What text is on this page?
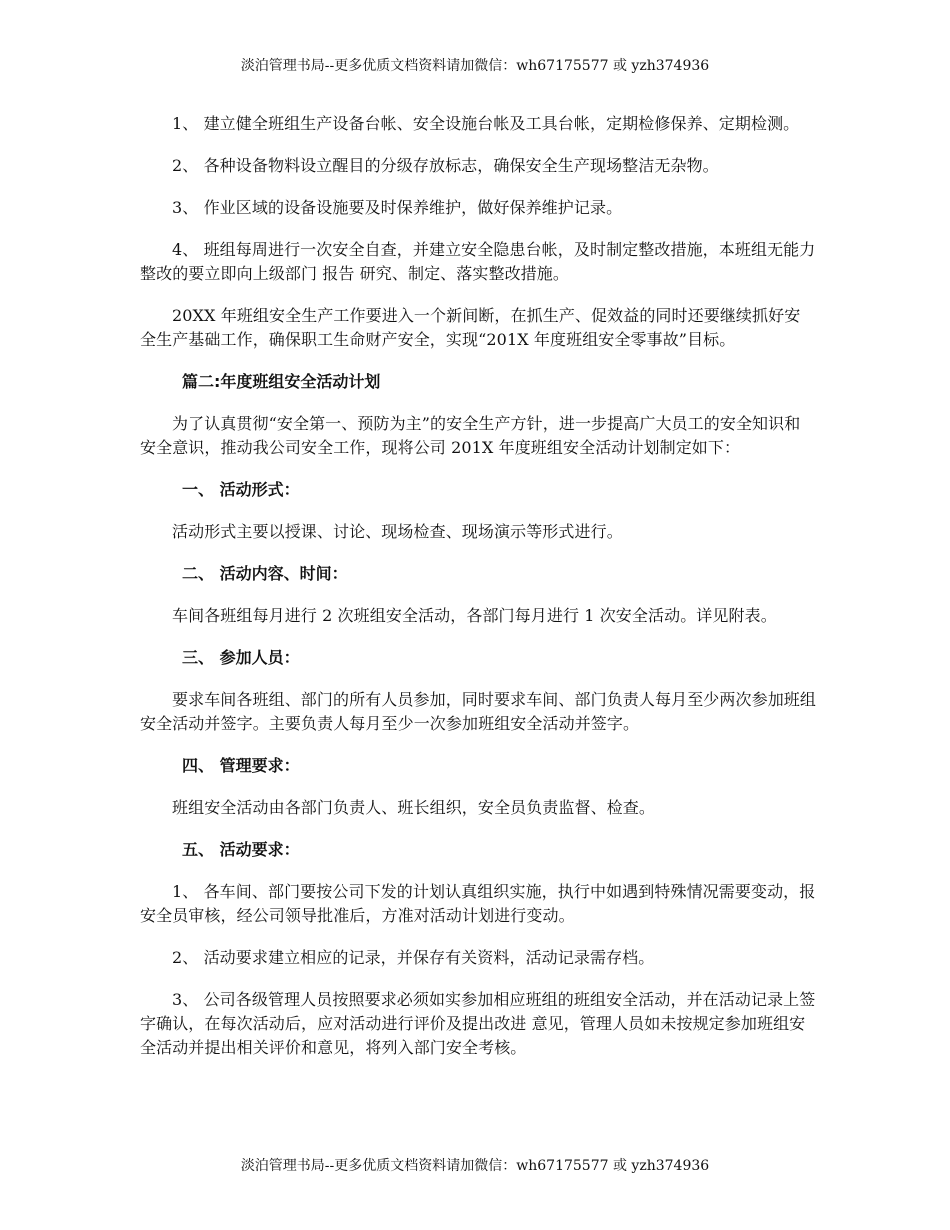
淡泊管理书局--更多优质文档资料请加微信：wh67175577 或 yzh374936

1、 建立健全班组生产设备台帐、安全设施台帐及工具台帐，定期检修保养、定期检测。

2、 各种设备物料设立醒目的分级存放标志，确保安全生产现场整洁无杂物。

3、 作业区域的设备设施要及时保养维护，做好保养维护记录。

4、 班组每周进行一次安全自查，并建立安全隐患台帐，及时制定整改措施，本班组无能力整改的要立即向上级部门 报告 研究、制定、落实整改措施。

20XX 年班组安全生产工作要进入一个新间断，在抓生产、促效益的同时还要继续抓好安全生产基础工作，确保职工生命财产安全，实现“201X 年度班组安全零事故”目标。

篇二:年度班组安全活动计划

为了认真贯彻“安全第一、预防为主”的安全生产方针，进一步提高广大员工的安全知识和安全意识，推动我公司安全工作，现将公司 201X 年度班组安全活动计划制定如下：

一、 活动形式：

活动形式主要以授课、讨论、现场检查、现场演示等形式进行。

二、 活动内容、时间：

车间各班组每月进行 2 次班组安全活动，各部门每月进行 1 次安全活动。详见附表。

三、 参加人员：

要求车间各班组、部门的所有人员参加，同时要求车间、部门负责人每月至少两次参加班组安全活动并签字。主要负责人每月至少一次参加班组安全活动并签字。

四、 管理要求：

班组安全活动由各部门负责人、班长组织，安全员负责监督、检查。

五、 活动要求：

1、 各车间、部门要按公司下发的计划认真组织实施，执行中如遇到特殊情况需要变动，报安全员审核，经公司领导批准后，方准对活动计划进行变动。

2、 活动要求建立相应的记录，并保存有关资料，活动记录需存档。

3、 公司各级管理人员按照要求必须如实参加相应班组的班组安全活动，并在活动记录上签字确认，在每次活动后，应对活动进行评价及提出改进 意见，管理人员如未按规定参加班组安全活动并提出相关评价和意见，将列入部门安全考核。

淡泊管理书局--更多优质文档资料请加微信：wh67175577 或 yzh374936
